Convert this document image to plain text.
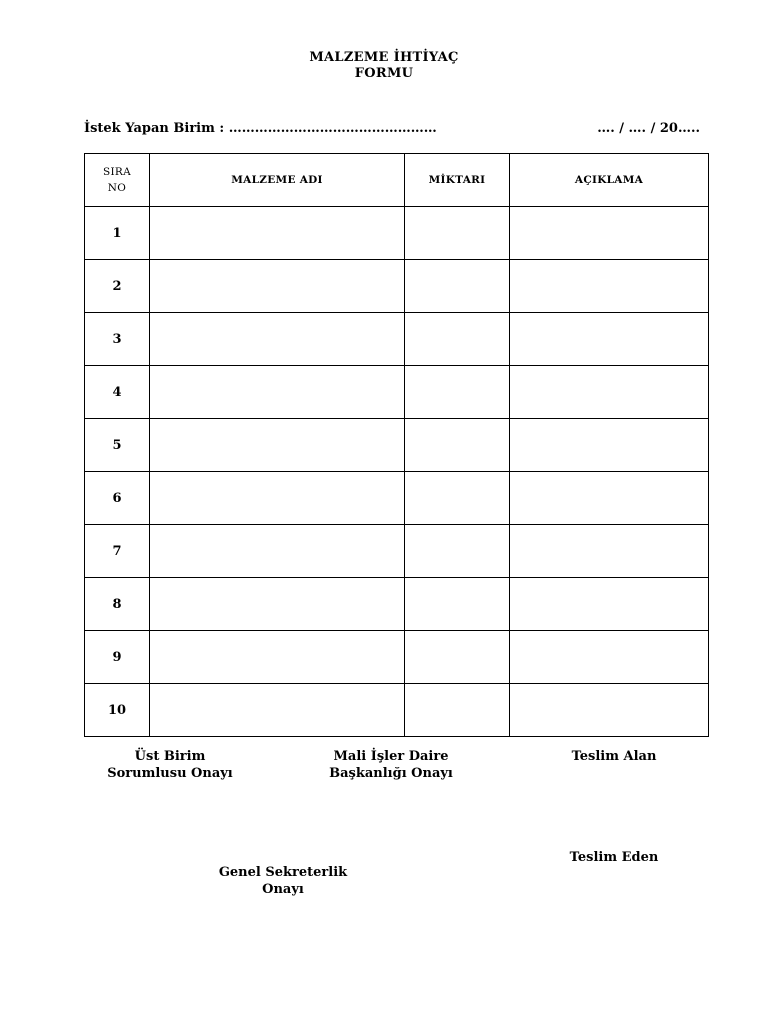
MALZEME İHTİYAÇ
FORMU
İstek Yapan Birim : …………………………………………	…. / …. / 20…..
SIRA
NO	MALZEME ADI	MİKTARI	AÇIKLAMA
1			
2			
3			
4			
5			
6			
7			
8			
9			
10			
Üst Birim
Sorumlusu Onayı
Mali İşler Daire
Başkanlığı Onayı
Teslim Alan
Teslim Eden
Genel Sekreterlik
Onayı
